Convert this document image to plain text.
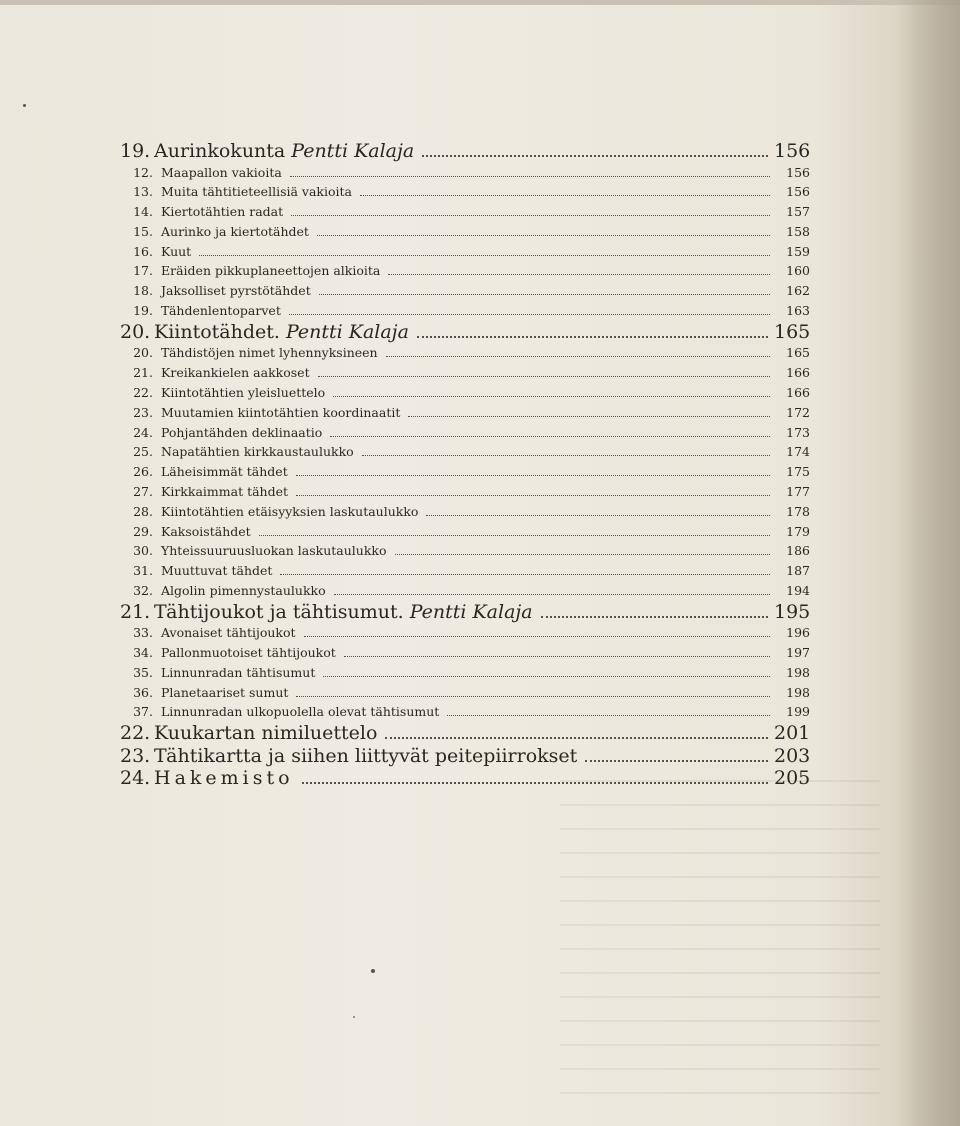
19. Aurinkokunta Pentti Kalaja	156
12. Maapallon vakioita	156
13. Muita tähtitieteellisiä vakioita	156
14. Kiertotähtien radat	157
15. Aurinko ja kiertotähdet	158
16. Kuut	159
17. Eräiden pikkuplaneettojen alkioita	160
18. Jaksolliset pyrstötähdet	162
19. Tähdenlentoparvet	163
20. Kiintotähdet. Pentti Kalaja	165
20. Tähdistöjen nimet lyhennyksineen	165
21. Kreikankielen aakkoset	166
22. Kiintotähtien yleisluettelo	166
23. Muutamien kiintotähtien koordinaatit	172
24. Pohjantähden deklinaatio	173
25. Napatähtien kirkkaustaulukko	174
26. Läheisimmät tähdet	175
27. Kirkkaimmat tähdet	177
28. Kiintotähtien etäisyyksien laskutaulukko	178
29. Kaksoistähdet	179
30. Yhteissuuruusluokan laskutaulukko	186
31. Muuttuvat tähdet	187
32. Algolin pimennystaulukko	194
21. Tähtijoukot ja tähtisumut. Pentti Kalaja	195
33. Avonaiset tähtijoukot	196
34. Pallonmuotoiset tähtijoukot	197
35. Linnunradan tähtisumut	198
36. Planetaariset sumut	198
37. Linnunradan ulkopuolella olevat tähtisumut	199
22. Kuukartan nimiluettelo	201
23. Tähtikartta ja siihen liittyvät peitepiirrokset	203
24. Hakemisto	205
